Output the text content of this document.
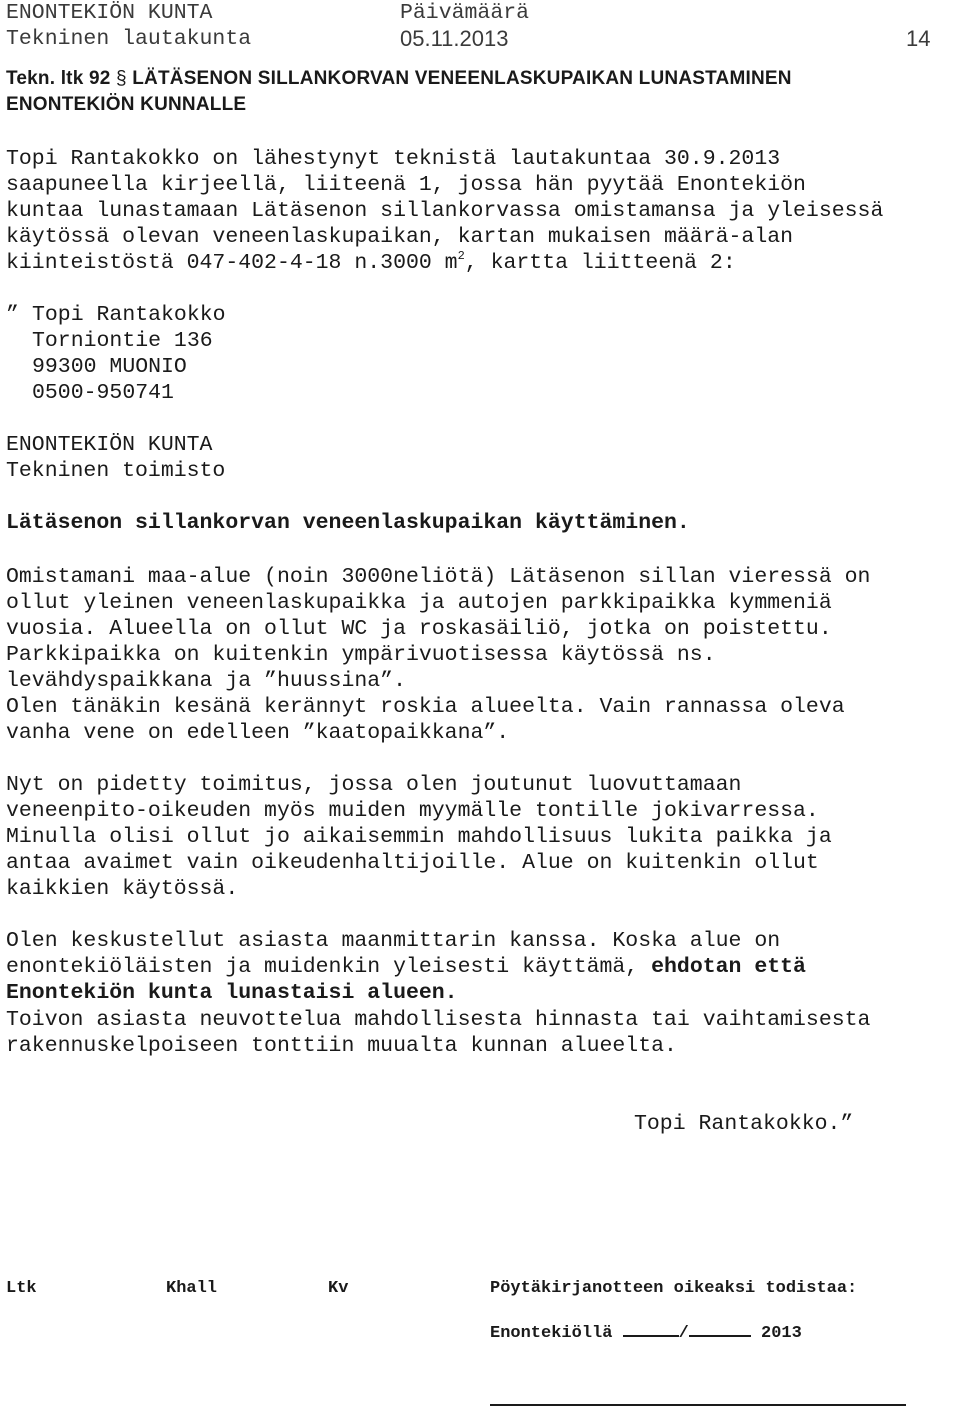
ENONTEKIÖN KUNTA	Päivämäärä
Tekninen lautakunta	05.11.2013	14
Tekn. ltk 92 § LÄTÄSENON SILLANKORVAN VENEENLASKUPAIKAN LUNASTAMINEN
ENONTEKIÖN KUNNALLE
Topi Rantakokko on lähestynyt teknistä lautakuntaa 30.9.2013
saapuneella kirjeellä, liiteenä 1, jossa hän pyytää Enontekiön
kuntaa lunastamaan Lätäsenon sillankorvassa omistamansa ja yleisessä
käytössä olevan veneenlaskupaikan, kartan mukaisen määrä-alan
kiinteistöstä 047-402-4-18 n.3000 $m^2$, kartta liitteenä 2:
” Topi Rantakokko
Torniontie 136
99300 MUONIO
0500-950741
ENONTEKIÖN KUNTA
Tekninen toimisto
Lätäsenon sillankorvan veneenlaskupaikan käyttäminen.
Omistamani maa-alue (noin 3000neliötä) Lätäsenon sillan vieressä on
ollut yleinen veneenlaskupaikka ja autojen parkkipaikka kymmeniä
vuosia. Alueella on ollut WC ja roskasäiliö, jotka on poistettu.
Parkkipaikka on kuitenkin ympärivuotisessa käytössä ns.
levähdyspaikkana ja ”huussina”.
Olen tänäkin kesänä kerännyt roskia alueelta. Vain rannassa oleva
vanha vene on edelleen ”kaatopaikkana”.
Nyt on pidetty toimitus, jossa olen joutunut luovuttamaan
veneenpito-oikeuden myös muiden myymälle tontille jokivarressa.
Minulla olisi ollut jo aikaisemmin mahdollisuus lukita paikka ja
antaa avaimet vain oikeudenhaltijoille. Alue on kuitenkin ollut
kaikkien käytössä.
Olen keskustellut asiasta maanmittarin kanssa. Koska alue on
enontekiöläisten ja muidenkin yleisesti käyttämä, ehdotan että
Enontekiön kunta lunastaisi alueen.
Toivon asiasta neuvottelua mahdollisesta hinnasta tai vaihtamisesta
rakennuskelpoiseen tonttiin muualta kunnan alueelta.
Topi Rantakokko.”
Ltk	Khall	Kv	Pöytäkirjanotteen oikeaksi todistaa:
Enontekiöllä	/	2013
